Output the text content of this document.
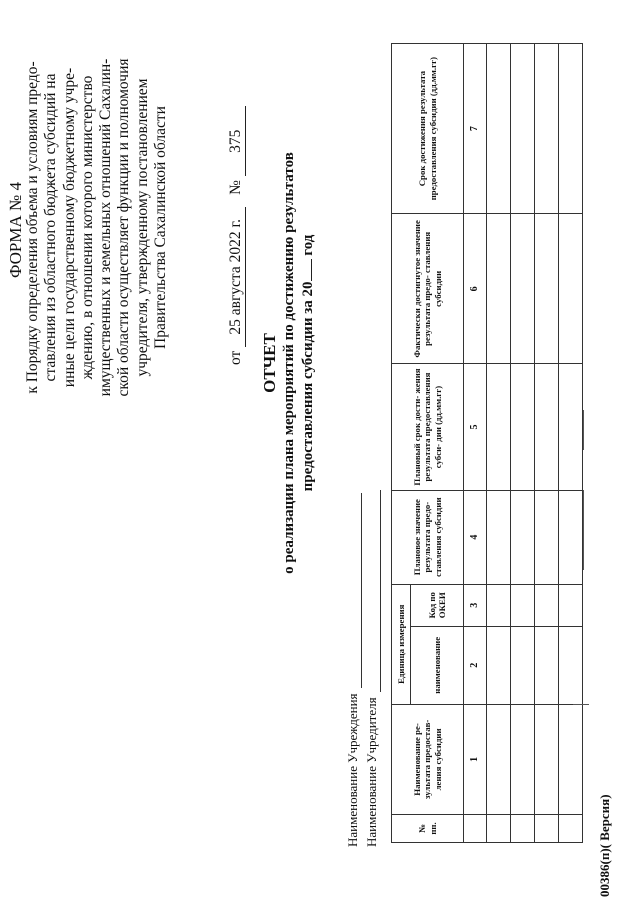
ФОРМА № 4 к Порядку определения объема и условиям предо- ставления из областного бюджета субсидий на иные цели государственному бюджетному учре- ждению, в отношении которого министерство имущественных и земельных отношений Сахалин- ской области осуществляет функции и полномочия учредителя, утвержденному постановлением Правительства Сахалинской области
от 25 августа 2022 г. № 375
ОТЧЕТ о реализации плана мероприятий по достижению результатов предоставления субсидии за 20 год
Наименование Учреждения Наименование Учредителя	№ пп.	Наименование ре- зультата предостав- ления субсидии	Единица измерения		Плановое значение результата предо- ставления субсидии	Плановый срок дости- жения результата предоставления субси- дии (дд.мм.гг)	Фактически достигнутое значение результата предо- ставления субсидии	Срок достижения результата предоставления субсидии (дд.мм.гг)
		наименование	Код по ОКЕИ				
	1	2	3	4	5	6	7

00386(п)( Версия)
